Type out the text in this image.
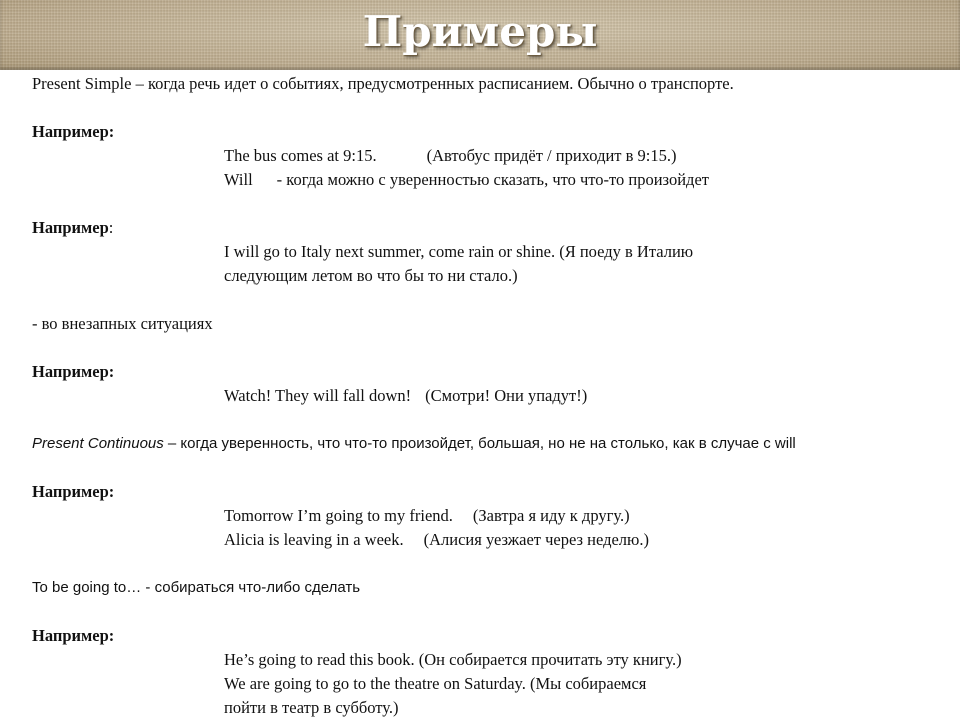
Примеры
Present Simple – когда речь идет о событиях, предусмотренных расписанием. Обычно о транспорте.
Например:
The bus comes at 9:15.	(Автобус придёт / приходит в 9:15.)
Will - когда можно с уверенностью сказать, что что-то произойдет
Например:
I will go to Italy next summer, come rain or shine. (Я поеду в Италию
следующим летом во что бы то ни стало.)
- во внезапных ситуациях
Например:
Watch! They will fall down! (Смотри! Они упадут!)
Present Continuous – когда уверенность, что что-то произойдет, большая, но не на столько, как в случае с will
Например:
Tomorrow I’m going to my friend. (Завтра я иду к другу.)
Alicia is leaving in a week. (Алисия уезжает через неделю.)
To be going to… - собираться что-либо сделать
Например:
He’s going to read this book. (Он собирается прочитать эту книгу.)
We are going to go to the theatre on Saturday. (Мы собираемся
пойти в театр в субботу.)
